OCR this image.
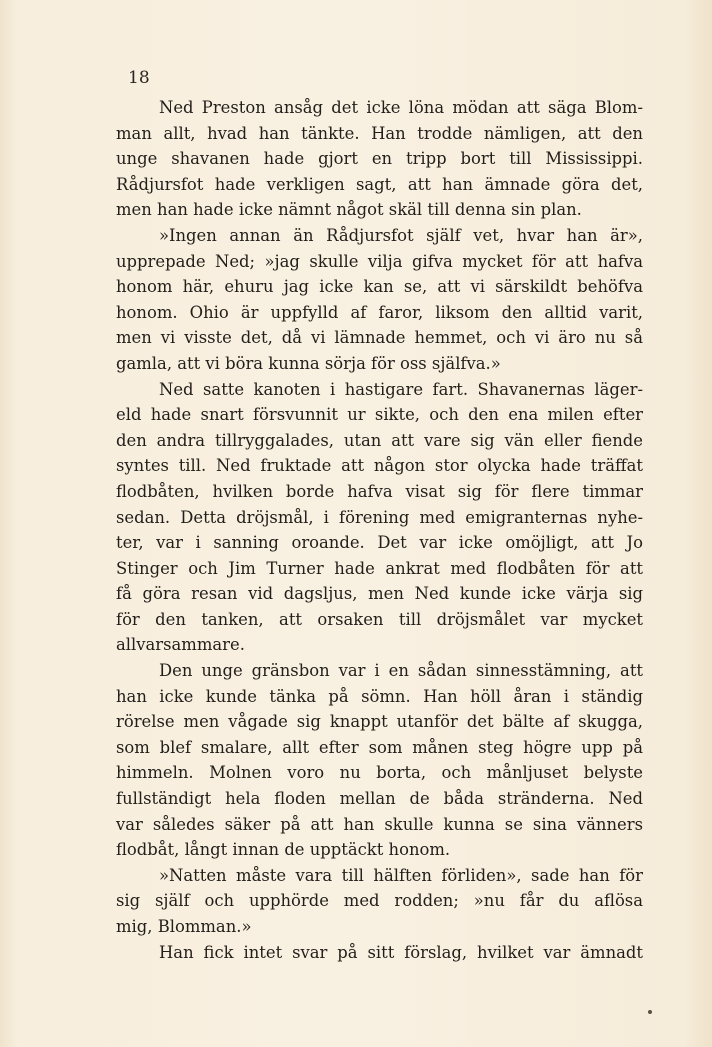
18
Ned Preston ansåg det icke löna mödan att säga Blom-
man allt, hvad han tänkte. Han trodde nämligen, att den
unge shavanen hade gjort en tripp bort till Mississippi.
Rådjursfot hade verkligen sagt, att han ämnade göra det,
men han hade icke nämnt något skäl till denna sin plan.
»Ingen annan än Rådjursfot själf vet, hvar han är»,
upprepade Ned; »jag skulle vilja gifva mycket för att hafva
honom här, ehuru jag icke kan se, att vi särskildt behöfva
honom. Ohio är uppfylld af faror, liksom den alltid varit,
men vi visste det, då vi lämnade hemmet, och vi äro nu så
gamla, att vi böra kunna sörja för oss själfva.»
Ned satte kanoten i hastigare fart. Shavanernas läger-
eld hade snart försvunnit ur sikte, och den ena milen efter
den andra tillryggalades, utan att vare sig vän eller fiende
syntes till. Ned fruktade att någon stor olycka hade träffat
flodbåten, hvilken borde hafva visat sig för flere timmar
sedan. Detta dröjsmål, i förening med emigranternas nyhe-
ter, var i sanning oroande. Det var icke omöjligt, att Jo
Stinger och Jim Turner hade ankrat med flodbåten för att
få göra resan vid dagsljus, men Ned kunde icke värja sig
för den tanken, att orsaken till dröjsmålet var mycket
allvarsammare.
Den unge gränsbon var i en sådan sinnesstämning, att
han icke kunde tänka på sömn. Han höll åran i ständig
rörelse men vågade sig knappt utanför det bälte af skugga,
som blef smalare, allt efter som månen steg högre upp på
himmeln. Molnen voro nu borta, och månljuset belyste
fullständigt hela floden mellan de båda stränderna. Ned
var således säker på att han skulle kunna se sina vänners
flodbåt, långt innan de upptäckt honom.
»Natten måste vara till hälften förliden», sade han för
sig själf och upphörde med rodden; »nu får du aflösa
mig, Blomman.»
Han fick intet svar på sitt förslag, hvilket var ämnadt
